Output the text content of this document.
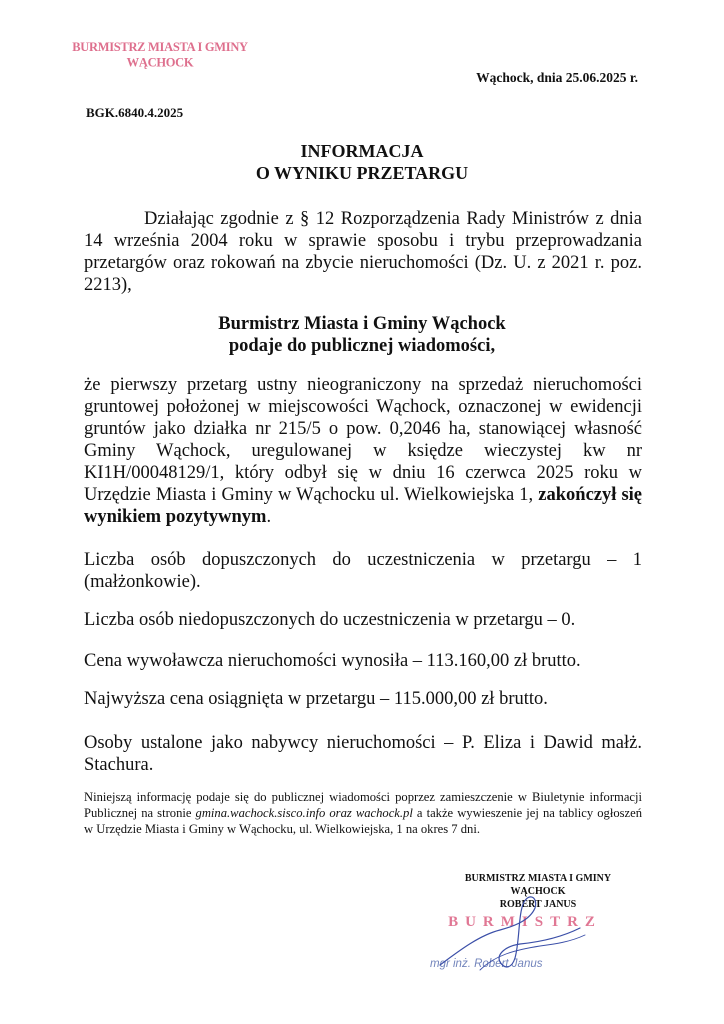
BURMISTRZ MIASTA I GMINY
WĄCHOCK
Wąchock, dnia 25.06.2025 r.
BGK.6840.4.2025
INFORMACJA
O WYNIKU PRZETARGU
Działając zgodnie z § 12 Rozporządzenia Rady Ministrów z dnia 14 września 2004 roku w sprawie sposobu i trybu przeprowadzania przetargów oraz rokowań na zbycie nieruchomości (Dz. U. z 2021 r. poz. 2213),
Burmistrz Miasta i Gminy Wąchock
podaje do publicznej wiadomości,
że pierwszy przetarg ustny nieograniczony na sprzedaż nieruchomości gruntowej położonej w miejscowości Wąchock, oznaczonej w ewidencji gruntów jako działka nr 215/5 o pow. 0,2046 ha, stanowiącej własność Gminy Wąchock, uregulowanej w księdze wieczystej kw nr KI1H/00048129/1, który odbył się w dniu 16 czerwca 2025 roku w Urzędzie Miasta i Gminy w Wąchocku ul. Wielkowiejska 1, zakończył się wynikiem pozytywnym.
Liczba osób dopuszczonych do uczestniczenia w przetargu – 1 (małżonkowie).
Liczba osób niedopuszczonych do uczestniczenia w przetargu – 0.
Cena wywoławcza nieruchomości wynosiła – 113.160,00 zł brutto.
Najwyższa cena osiągnięta w przetargu – 115.000,00 zł brutto.
Osoby ustalone jako nabywcy nieruchomości – P. Eliza i Dawid małż. Stachura.
Niniejszą informację podaje się do publicznej wiadomości poprzez zamieszczenie w Biuletynie informacji Publicznej na stronie gmina.wachock.sisco.info oraz wachock.pl a także wywieszenie jej na tablicy ogłoszeń w Urzędzie Miasta i Gminy w Wąchocku, ul. Wielkowiejska, 1 na okres 7 dni.
BURMISTRZ MIASTA I GMINY
WĄCHOCK
ROBERT JANUS
BURMISTRZ
mgr inż. Robert Janus
